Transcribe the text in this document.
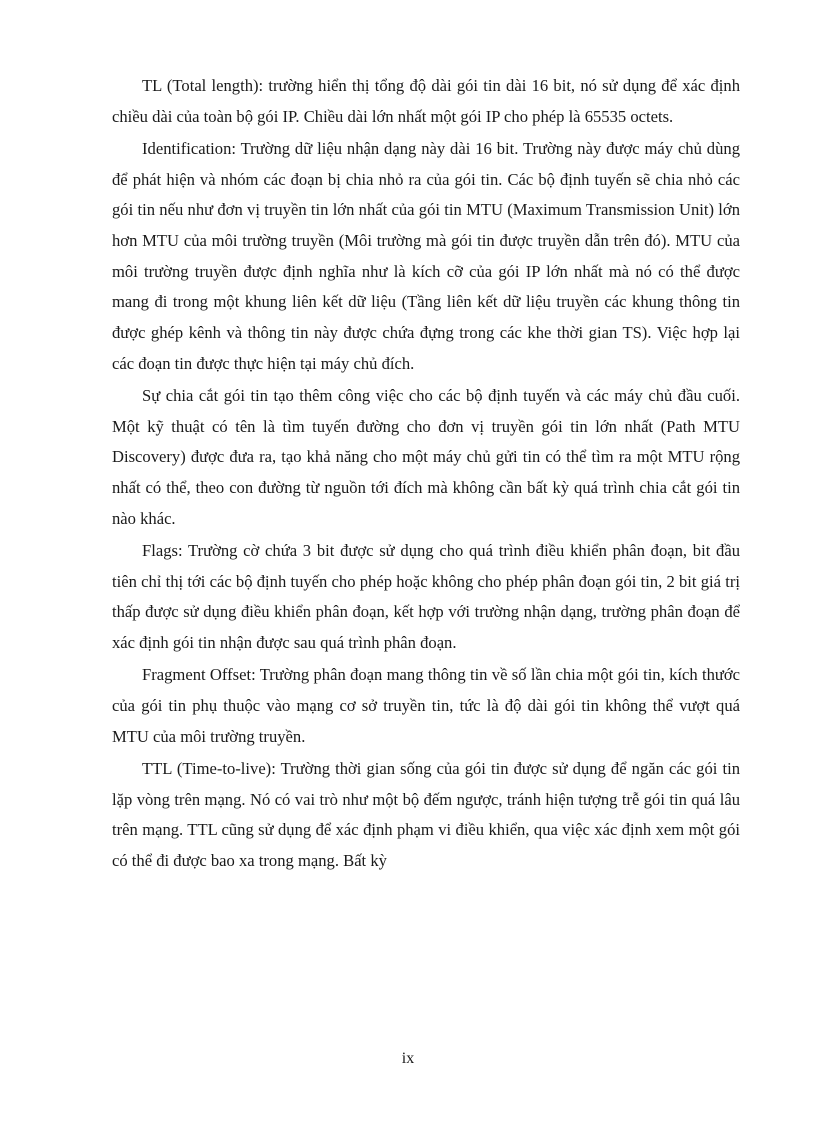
TL (Total length): trường hiển thị tổng độ dài gói tin dài 16 bit, nó sử dụng để xác định chiều dài của toàn bộ gói IP. Chiều dài lớn nhất một gói IP cho phép là 65535 octets.

Identification: Trường dữ liệu nhận dạng này dài 16 bit. Trường này được máy chủ dùng để phát hiện và nhóm các đoạn bị chia nhỏ ra của gói tin. Các bộ định tuyến sẽ chia nhỏ các gói tin nếu như đơn vị truyền tin lớn nhất của gói tin MTU (Maximum Transmission Unit) lớn hơn MTU của môi trường truyền (Môi trường mà gói tin được truyền dẫn trên đó). MTU của môi trường truyền được định nghĩa như là kích cỡ của gói IP lớn nhất mà nó có thể được mang đi trong một khung liên kết dữ liệu (Tầng liên kết dữ liệu truyền các khung thông tin được ghép kênh và thông tin này được chứa đựng trong các khe thời gian TS). Việc hợp lại các đoạn tin được thực hiện tại máy chủ đích.

Sự chia cắt gói tin tạo thêm công việc cho các bộ định tuyến và các máy chủ đầu cuối. Một kỹ thuật có tên là tìm tuyến đường cho đơn vị truyền gói tin lớn nhất (Path MTU Discovery) được đưa ra, tạo khả năng cho một máy chủ gửi tin có thể tìm ra một MTU rộng nhất có thể, theo con đường từ nguồn tới đích mà không cần bất kỳ quá trình chia cắt gói tin nào khác.

Flags: Trường cờ chứa 3 bit được sử dụng cho quá trình điều khiển phân đoạn, bit đầu tiên chỉ thị tới các bộ định tuyến cho phép hoặc không cho phép phân đoạn gói tin, 2 bit giá trị thấp được sử dụng điều khiển phân đoạn, kết hợp với trường nhận dạng, trường phân đoạn để xác định gói tin nhận được sau quá trình phân đoạn.

Fragment Offset: Trường phân đoạn mang thông tin về số lần chia một gói tin, kích thước của gói tin phụ thuộc vào mạng cơ sở truyền tin, tức là độ dài gói tin không thể vượt quá MTU của môi trường truyền.

TTL (Time-to-live): Trường thời gian sống của gói tin được sử dụng để ngăn các gói tin lặp vòng trên mạng. Nó có vai trò như một bộ đếm ngược, tránh hiện tượng trễ gói tin quá lâu trên mạng. TTL cũng sử dụng để xác định phạm vi điều khiển, qua việc xác định xem một gói có thể đi được bao xa trong mạng. Bất kỳ

ix
